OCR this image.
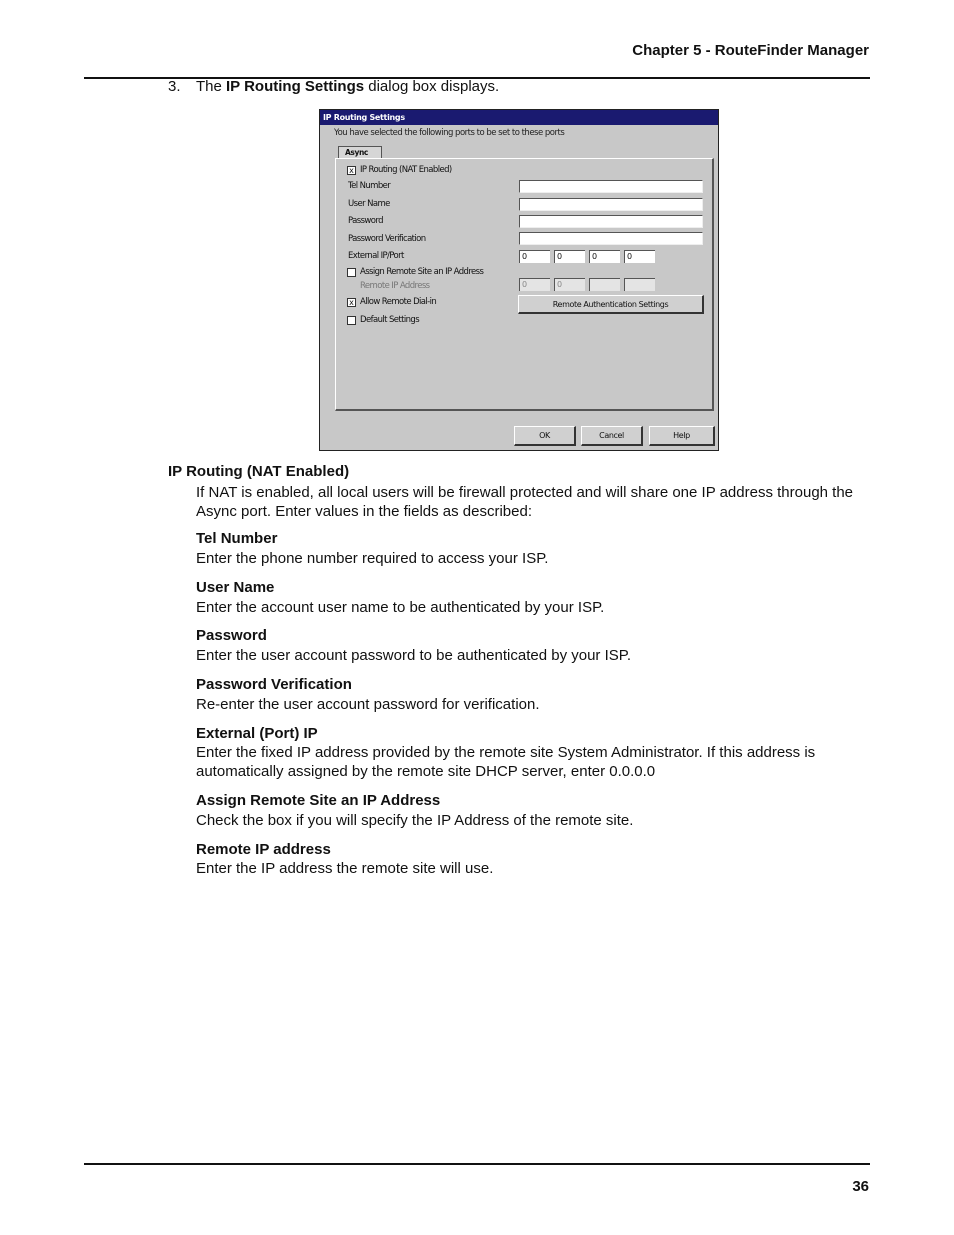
Chapter 5 - RouteFinder Manager
3. The IP Routing Settings dialog box displays.
IP Routing Settings
You have selected the following ports to be set to these ports
Async
x IP Routing (NAT Enabled)
Tel Number
User Name
Password
Password Verification
External IP/Port	0	0	0	0
Assign Remote Site an IP Address
Remote IP Address	0	0
x Allow Remote Dial-in	Remote Authentication Settings
Default Settings
OK	Cancel	Help
IP Routing (NAT Enabled)
If NAT is enabled, all local users will be firewall protected and will share one IP address through the Async port. Enter values in the fields as described:
Tel Number
Enter the phone number required to access your ISP.
User Name
Enter the account user name to be authenticated by your ISP.
Password
Enter the user account password to be authenticated by your ISP.
Password Verification
Re-enter the user account password for verification.
External (Port) IP
Enter the fixed IP address provided by the remote site System Administrator. If this address is automatically assigned by the remote site DHCP server, enter 0.0.0.0
Assign Remote Site an IP Address
Check the box if you will specify the IP Address of the remote site.
Remote IP address
Enter the IP address the remote site will use.
36
